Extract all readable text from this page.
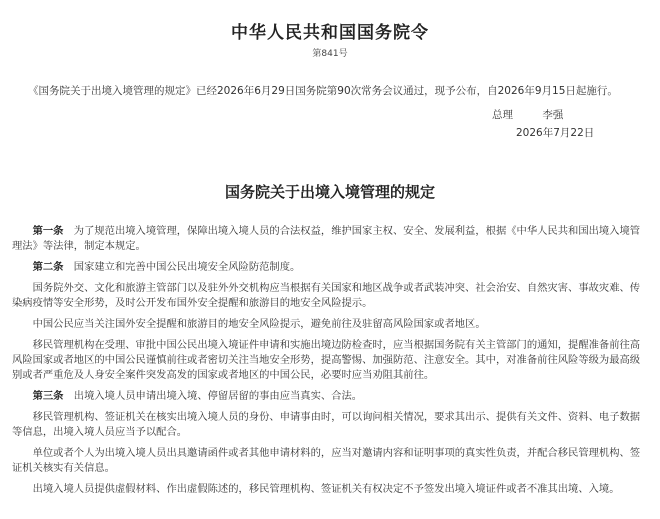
中华人民共和国国务院令
第841号
《国务院关于出境入境管理的规定》已经2026年6月29日国务院第90次常务会议通过，现予公布，自2026年9月15日起施行。
总理	李强
2026年7月22日
国务院关于出境入境管理的规定

第一条　 为了规范出境入境管理，保障出境入境人员的合法权益，维护国家主权、安全、发展利益，根据《中华人民共和国出境入境管理法》等法律，制定本规定。

第二条　 国家建立和完善中国公民出境安全风险防范制度。

国务院外交、文化和旅游主管部门以及驻外外交机构应当根据有关国家和地区战争或者武装冲突、社会治安、自然灾害、事故灾难、传染病疫情等安全形势，及时公开发布国外安全提醒和旅游目的地安全风险提示。

中国公民应当关注国外安全提醒和旅游目的地安全风险提示，避免前往及驻留高风险国家或者地区。

移民管理机构在受理、审批中国公民出境入境证件申请和实施出境边防检查时，应当根据国务院有关主管部门的通知，提醒准备前往高风险国家或者地区的中国公民谨慎前往或者密切关注当地安全形势，提高警惕、加强防范、注意安全。其中，对准备前往风险等级为最高级别或者严重危及人身安全案件突发高发的国家或者地区的中国公民，必要时应当劝阻其前往。

第三条　 出境入境人员申请出境入境、停留居留的事由应当真实、合法。

移民管理机构、签证机关在核实出境入境人员的身份、申请事由时，可以询问相关情况，要求其出示、提供有关文件、资料、电子数据等信息，出境入境人员应当予以配合。

单位或者个人为出境入境人员出具邀请函件或者其他申请材料的，应当对邀请内容和证明事项的真实性负责，并配合移民管理机构、签证机关核实有关信息。

出境入境人员提供虚假材料、作出虚假陈述的，移民管理机构、签证机关有权决定不予签发出境入境证件或者不准其出境、入境。
